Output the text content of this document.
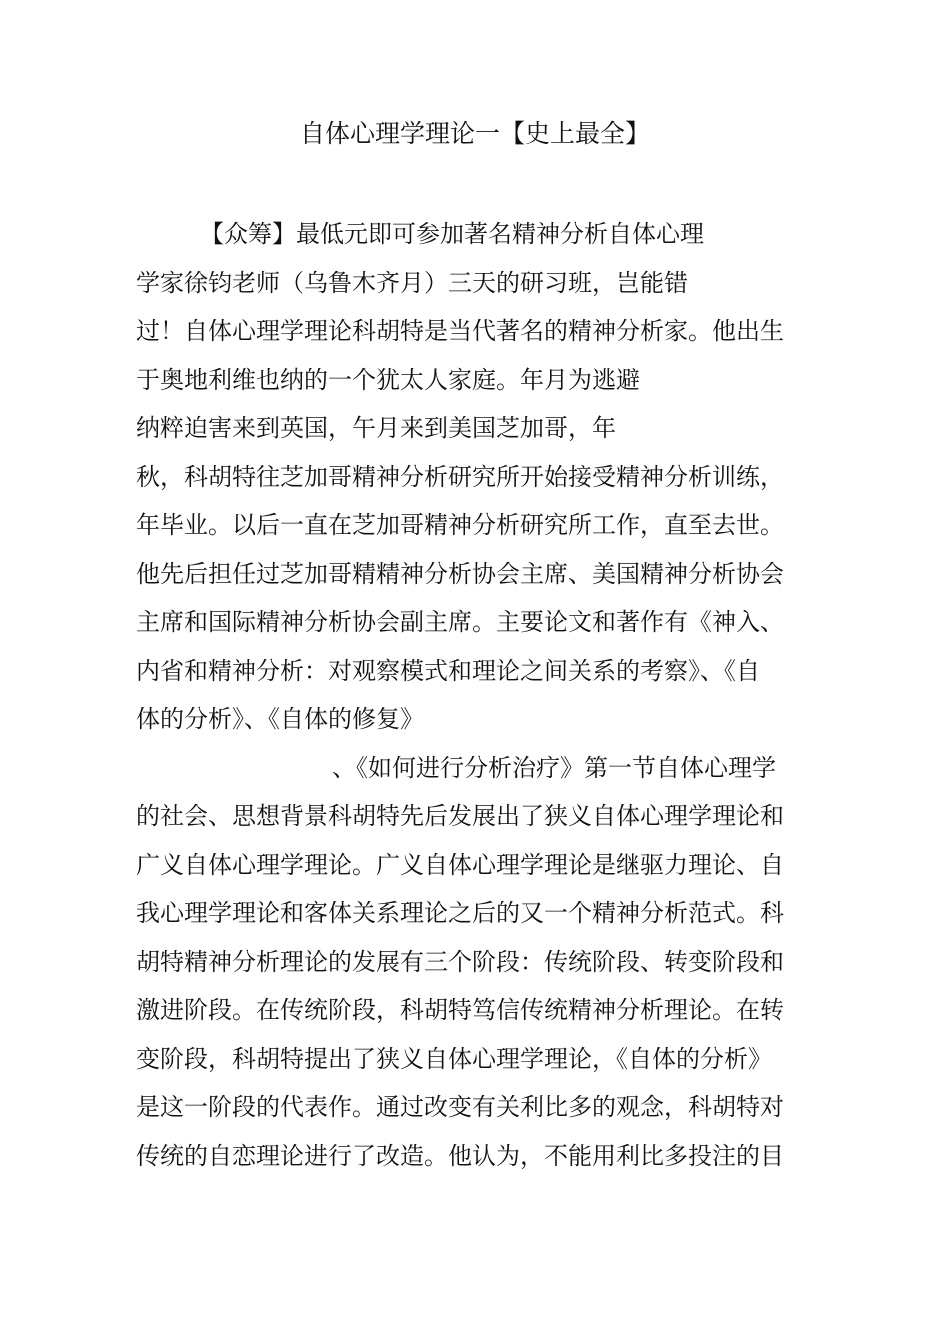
自体心理学理论一【史上最全】
【众筹】最低元即可参加著名精神分析自体心理
学家徐钧老师（乌鲁木齐月）三天的研习班，岂能错
过！自体心理学理论科胡特是当代著名的精神分析家。他出生
于奥地利维也纳的一个犹太人家庭。年月为逃避
纳粹迫害来到英国，午月来到美国芝加哥，年
秋，科胡特往芝加哥精神分析研究所开始接受精神分析训练，
年毕业。以后一直在芝加哥精神分析研究所工作，直至去世。
他先后担任过芝加哥精精神分析协会主席、美国精神分析协会
主席和国际精神分析协会副主席。主要论文和著作有《神入、
内省和精神分析：对观察模式和理论之间关系的考察》、《自
体的分析》、《自体的修复》
、《如何进行分析治疗》第一节自体心理学
的社会、思想背景科胡特先后发展出了狭义自体心理学理论和
广义自体心理学理论。广义自体心理学理论是继驱力理论、自
我心理学理论和客体关系理论之后的又一个精神分析范式。科
胡特精神分析理论的发展有三个阶段：传统阶段、转变阶段和
激进阶段。在传统阶段，科胡特笃信传统精神分析理论。在转
变阶段，科胡特提出了狭义自体心理学理论，《自体的分析》
是这一阶段的代表作。通过改变有关利比多的观念，科胡特对
传统的自恋理论进行了改造。他认为，不能用利比多投注的目
